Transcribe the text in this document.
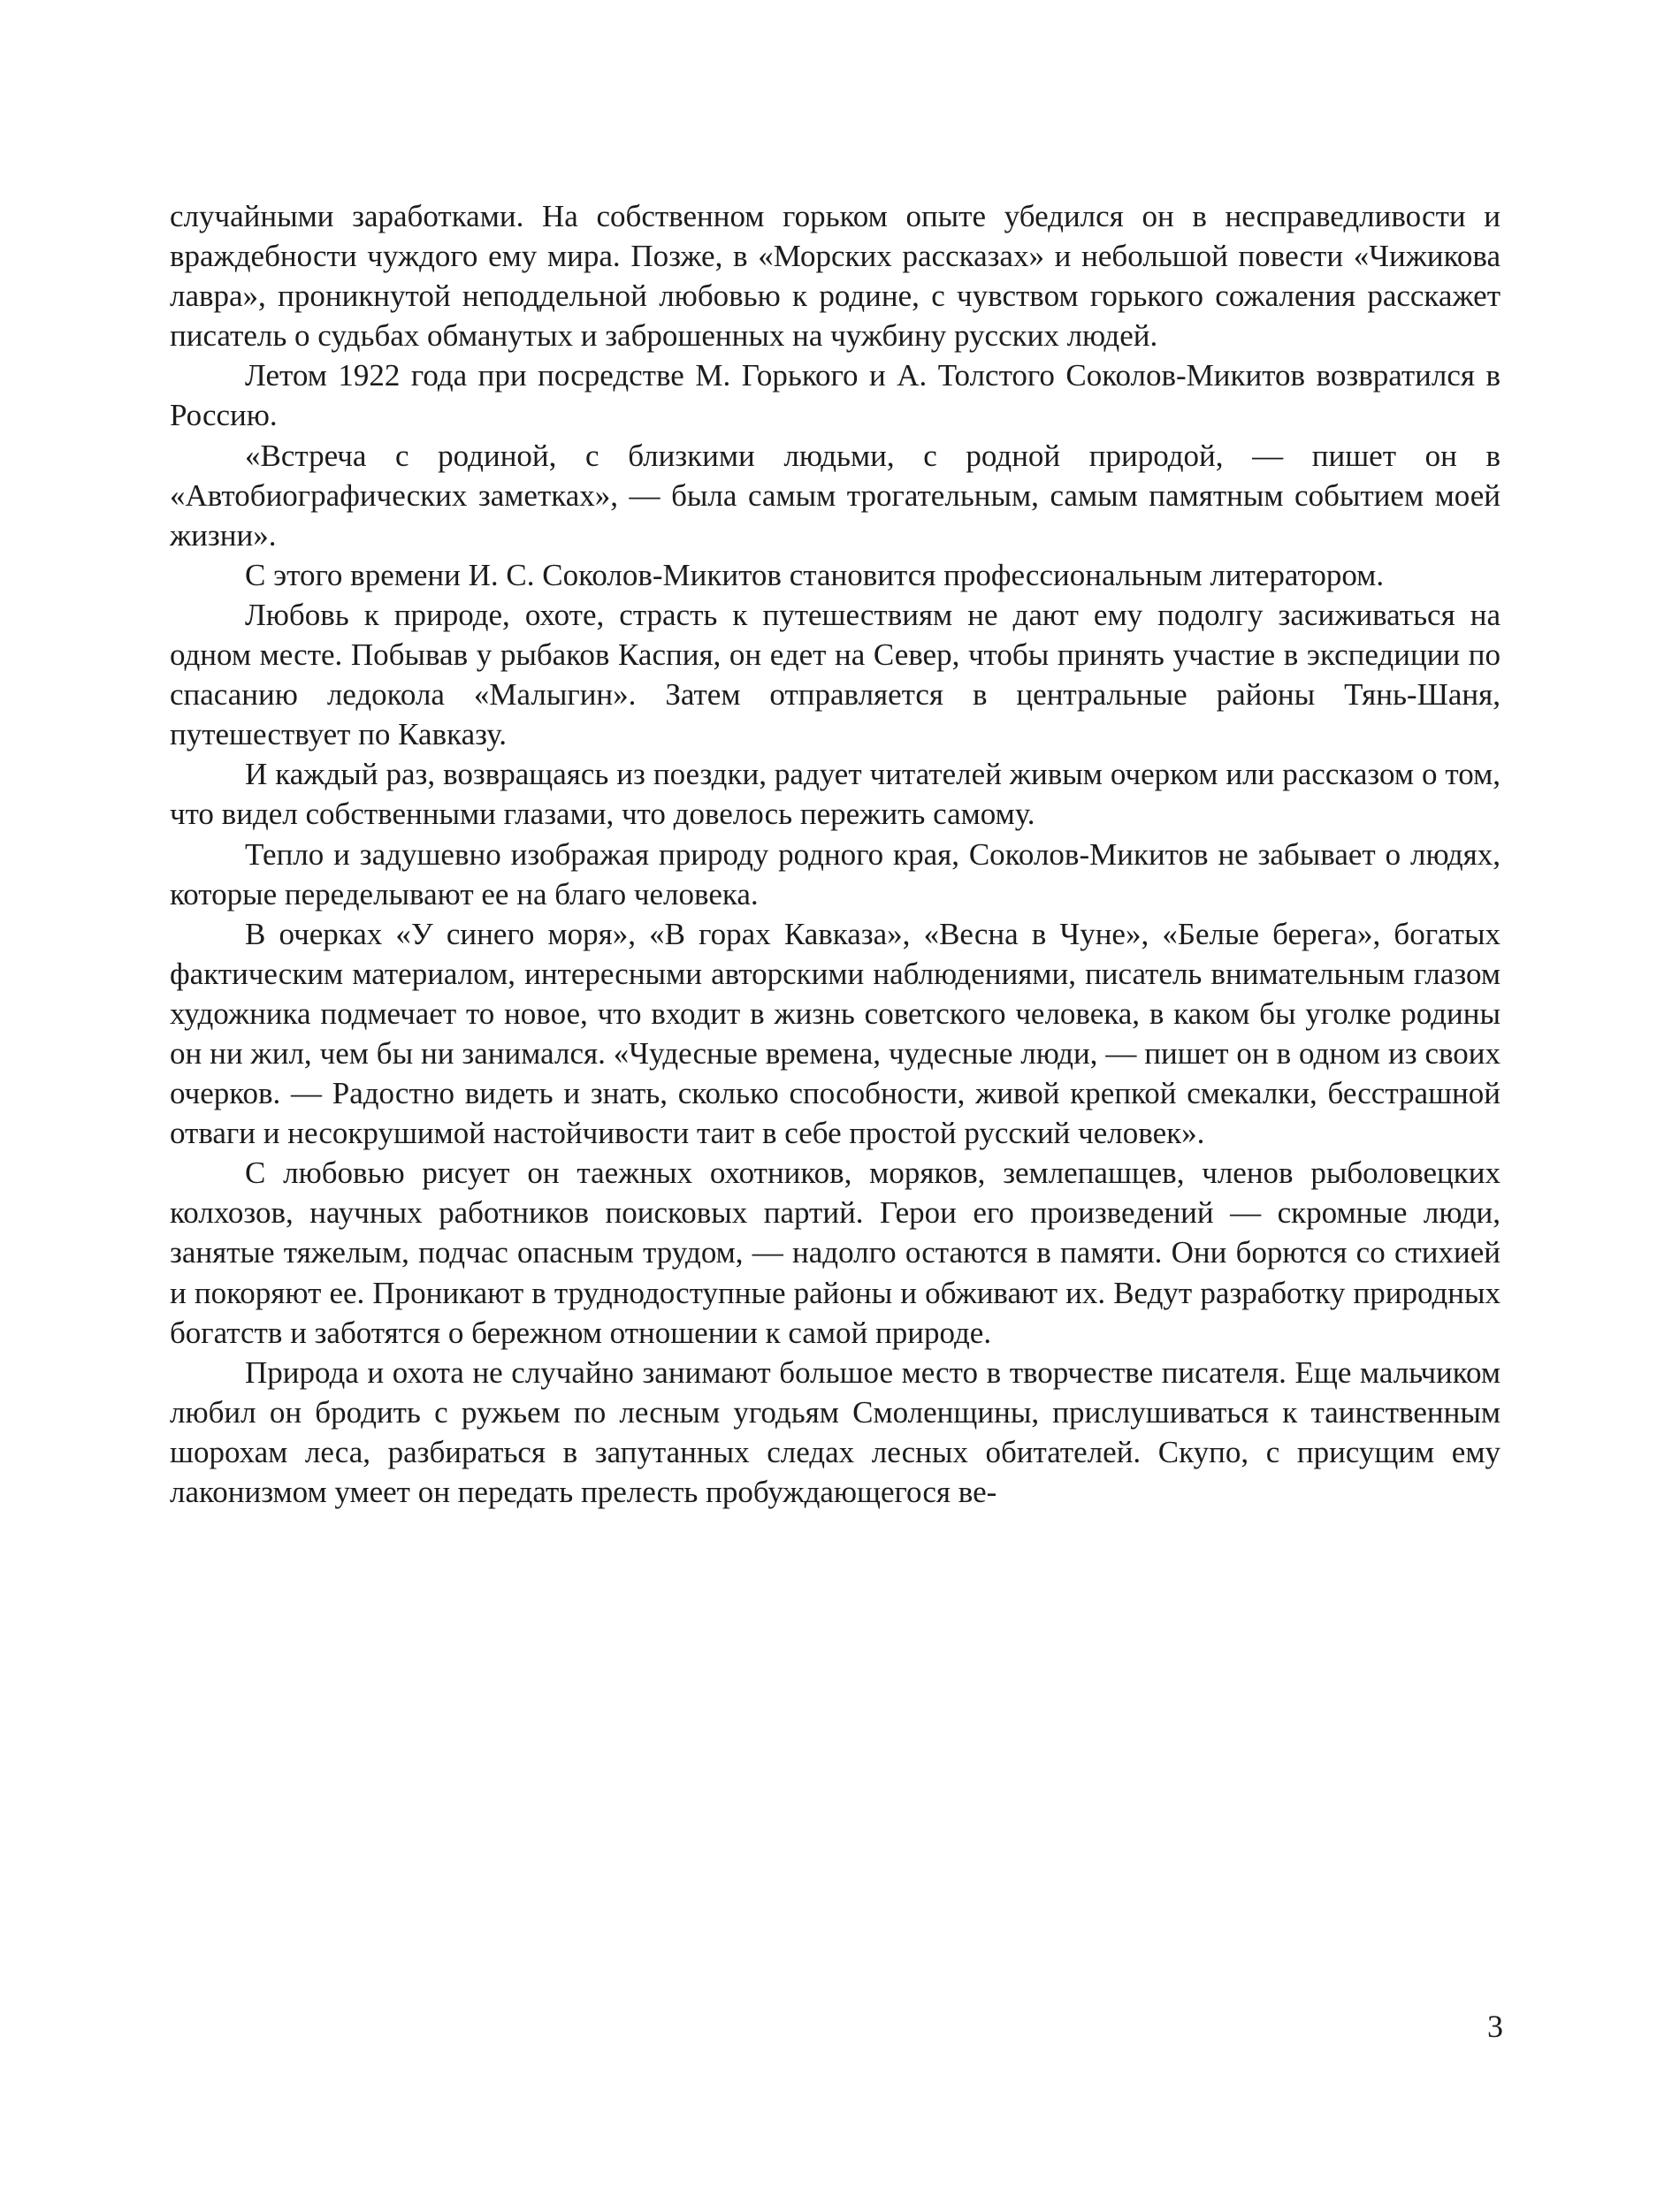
случайными заработками. На собственном горьком опыте убедился он в несправедливости и враждебности чуждого ему мира. Позже, в «Морских рассказах» и небольшой повести «Чижикова лавра», проникнутой неподдельной любовью к родине, с чувством горького сожаления расскажет писатель о судьбах обманутых и заброшенных на чужбину русских людей.

Летом 1922 года при посредстве М. Горького и А. Толстого Соколов-Микитов возвратился в Россию.

«Встреча с родиной, с близкими людьми, с родной природой, — пишет он в «Автобиографических заметках», — была самым трогательным, самым памятным событием моей жизни».

С этого времени И. С. Соколов-Микитов становится профессиональным литератором.

Любовь к природе, охоте, страсть к путешествиям не дают ему подолгу засиживаться на одном месте. Побывав у рыбаков Каспия, он едет на Север, чтобы принять участие в экспедиции по спасанию ледокола «Малыгин». Затем отправляется в центральные районы Тянь-Шаня, путешествует по Кавказу.

И каждый раз, возвращаясь из поездки, радует читателей живым очерком или рассказом о том, что видел собственными глазами, что довелось пережить самому.

Тепло и задушевно изображая природу родного края, Соколов-Микитов не забывает о людях, которые переделывают ее на благо человека.

В очерках «У синего моря», «В горах Кавказа», «Весна в Чуне», «Белые берега», богатых фактическим материалом, интересными авторскими наблюдениями, писатель внимательным глазом художника подмечает то новое, что входит в жизнь советского человека, в каком бы уголке родины он ни жил, чем бы ни занимался. «Чудесные времена, чудесные люди, — пишет он в одном из своих очерков. — Радостно видеть и знать, сколько способности, живой крепкой смекалки, бесстрашной отваги и несокрушимой настойчивости таит в себе простой русский человек».

С любовью рисует он таежных охотников, моряков, землепашцев, членов рыболовецких колхозов, научных работников поисковых партий. Герои его произведений — скромные люди, занятые тяжелым, подчас опасным трудом, — надолго остаются в памяти. Они борются со стихией и покоряют ее. Проникают в труднодоступные районы и обживают их. Ведут разработку природных богатств и заботятся о бережном отношении к самой природе.

Природа и охота не случайно занимают большое место в творчестве писателя. Еще мальчиком любил он бродить с ружьем по лесным угодьям Смоленщины, прислушиваться к таинственным шорохам леса, разбираться в запутанных следах лесных обитателей. Скупо, с присущим ему лаконизмом умеет он передать прелесть пробуждающегося ве-

3
